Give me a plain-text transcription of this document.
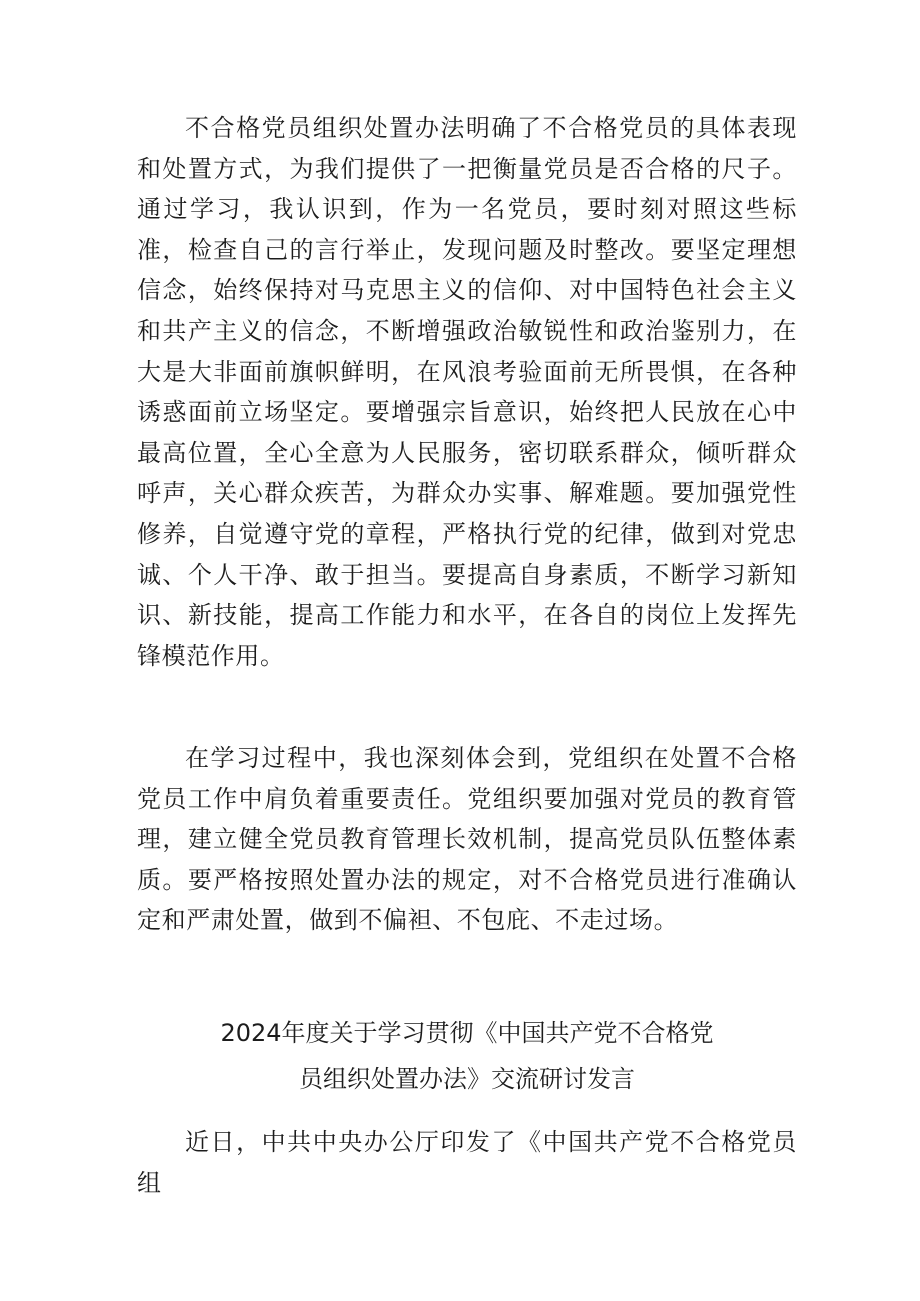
不合格党员组织处置办法明确了不合格党员的具体表现和处置方式，为我们提供了一把衡量党员是否合格的尺子。通过学习，我认识到，作为一名党员，要时刻对照这些标准，检查自己的言行举止，发现问题及时整改。要坚定理想信念，始终保持对马克思主义的信仰、对中国特色社会主义和共产主义的信念，不断增强政治敏锐性和政治鉴别力，在大是大非面前旗帜鲜明，在风浪考验面前无所畏惧，在各种诱惑面前立场坚定。要增强宗旨意识，始终把人民放在心中最高位置，全心全意为人民服务，密切联系群众，倾听群众呼声，关心群众疾苦，为群众办实事、解难题。要加强党性修养，自觉遵守党的章程，严格执行党的纪律，做到对党忠诚、个人干净、敢于担当。要提高自身素质，不断学习新知识、新技能，提高工作能力和水平，在各自的岗位上发挥先锋模范作用。

在学习过程中，我也深刻体会到，党组织在处置不合格党员工作中肩负着重要责任。党组织要加强对党员的教育管理，建立健全党员教育管理长效机制，提高党员队伍整体素质。要严格按照处置办法的规定，对不合格党员进行准确认定和严肃处置，做到不偏袒、不包庇、不走过场。

2024年度关于学习贯彻《中国共产党不合格党
员组织处置办法》交流研讨发言

近日，中共中央办公厅印发了《中国共产党不合格党员组
